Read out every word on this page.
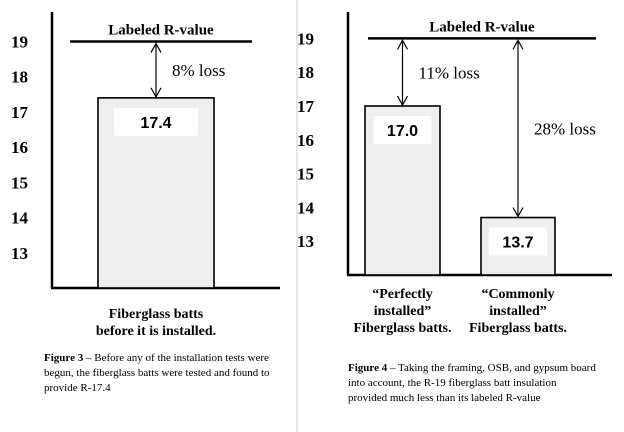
13
14
15
16
17
18
19
17.4
8% loss
Fiberglass batts before it is installed.
Labeled R-value
Figure 3 – Before any of the installation tests were begun, the fiberglass batts were tested and found to provide R-17.4
13
14
15
16
17
18
19
17.0
11% loss
“Perfectly installed” Fiberglass batts.
13.7
28% loss
“Commonly installed” Fiberglass batts.
Labeled R-value
Figure 4 – Taking the framing, OSB, and gypsum board into account, the R-19 fiberglass batt insulation provided much less than its labeled R-value
